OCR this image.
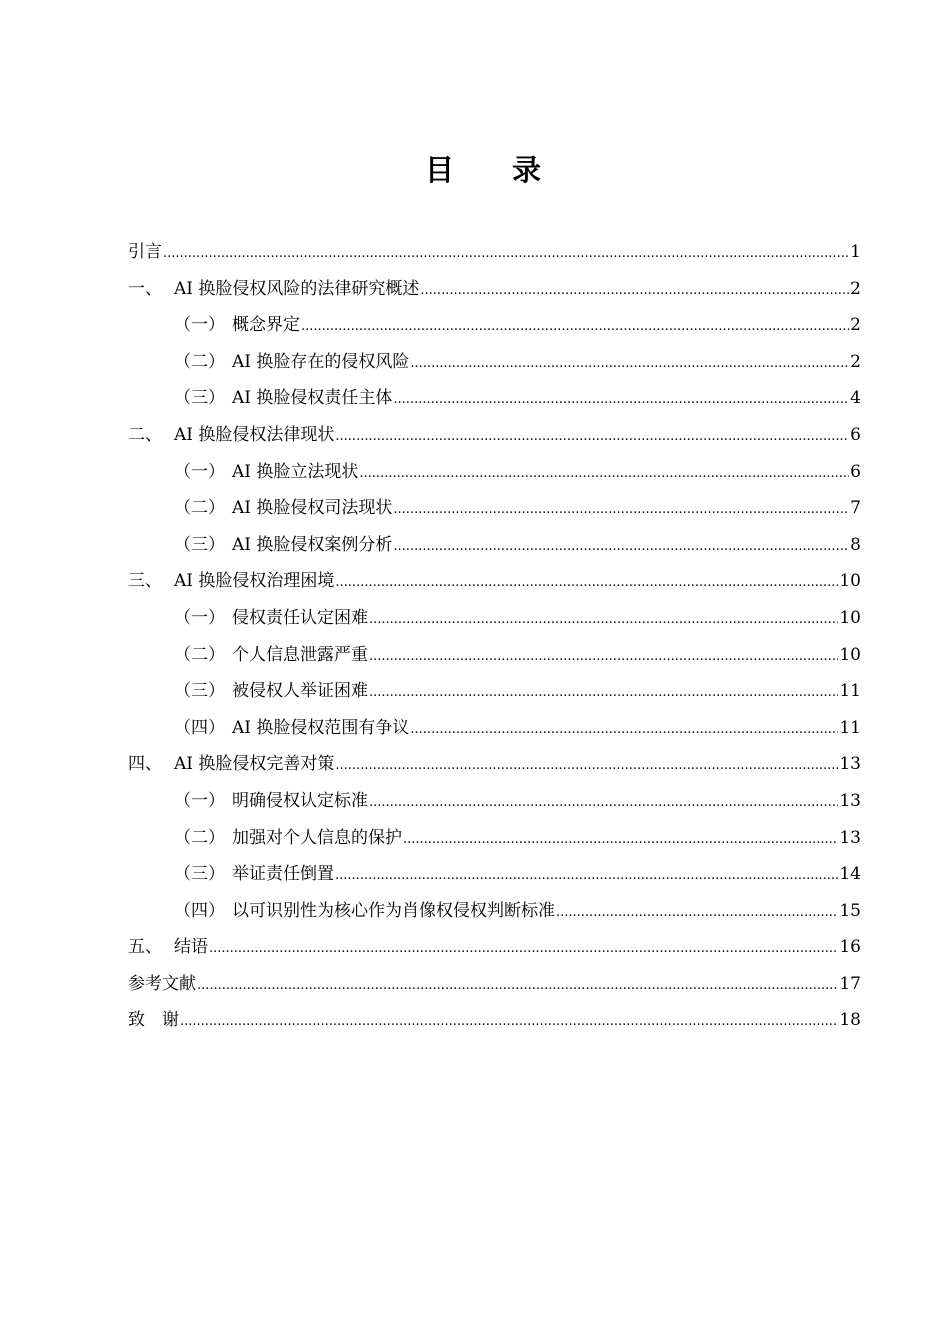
目 录
引言 .....	1
一、 AI 换脸侵权风险的法律研究概述 .....	2
（一） 概念界定 .....	2
（二） AI 换脸存在的侵权风险 .....	2
（三） AI 换脸侵权责任主体 .....	4
二、 AI 换脸侵权法律现状 .....	6
（一） AI 换脸立法现状 .....	6
（二） AI 换脸侵权司法现状 .....	7
（三） AI 换脸侵权案例分析 .....	8
三、 AI 换脸侵权治理困境 .....	10
（一） 侵权责任认定困难 .....	10
（二） 个人信息泄露严重 .....	10
（三） 被侵权人举证困难 .....	11
（四） AI 换脸侵权范围有争议 .....	11
四、 AI 换脸侵权完善对策 .....	13
（一） 明确侵权认定标准 .....	13
（二） 加强对个人信息的保护 .....	13
（三） 举证责任倒置 .....	14
（四） 以可识别性为核心作为肖像权侵权判断标准 .....	15
五、 结语 .....	16
参考文献 .....	17
致　谢 .....	18
